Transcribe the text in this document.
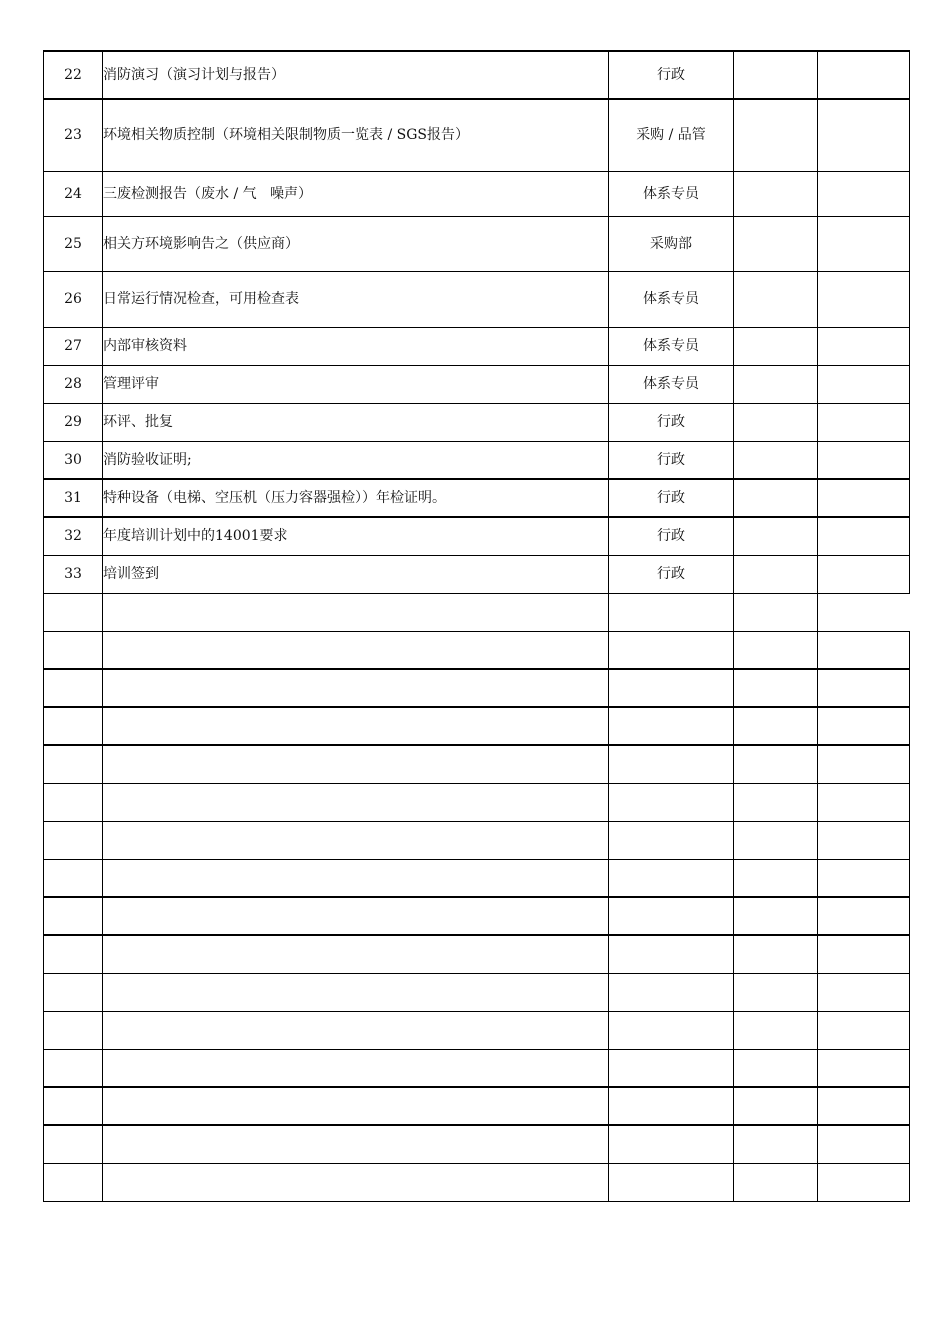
22	消防演习（演习计划与报告）	行政		
23	环境相关物质控制（环境相关限制物质一览表 / SGS报告）	采购 / 品管		
24	三废检测报告（废水 / 气   噪声）	体系专员		
25	相关方环境影响告之（供应商）	采购部		
26	日常运行情况检查，可用检查表	体系专员		
27	内部审核资料	体系专员		
28	管理评审	体系专员		
29	环评、批复	行政		
30	消防验收证明;	行政		
31	特种设备（电梯、空压机（压力容器强检））年检证明。	行政		
32	年度培训计划中的14001要求	行政		
33	培训签到	行政		
